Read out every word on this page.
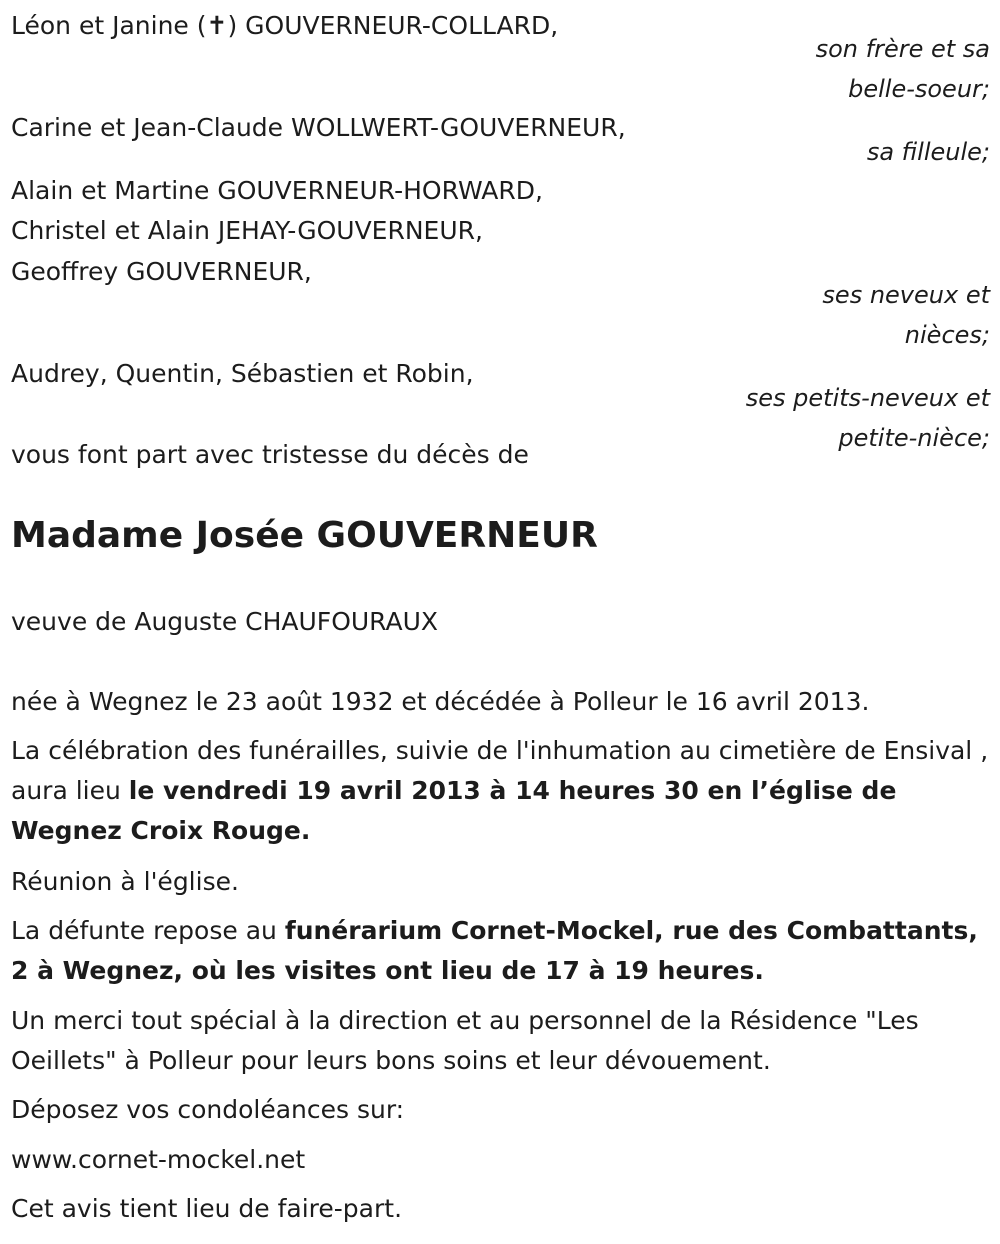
Léon et Janine (✝) GOUVERNEUR-COLLARD,
son frère et sa
belle-soeur;
Carine et Jean-Claude WOLLWERT-GOUVERNEUR,
sa filleule;
Alain et Martine GOUVERNEUR-HORWARD,
Christel et Alain JEHAY-GOUVERNEUR,
Geoffrey GOUVERNEUR,
ses neveux et
nièces;
Audrey, Quentin, Sébastien et Robin,
ses petits-neveux et
petite-nièce;
vous font part avec tristesse du décès de
Madame Josée GOUVERNEUR
veuve de Auguste CHAUFOURAUX
née à Wegnez le 23 août 1932 et décédée à Polleur le 16 avril 2013.
La célébration des funérailles, suivie de l'inhumation au cimetière de Ensival , aura lieu le vendredi 19 avril 2013 à 14 heures 30 en l’église de Wegnez Croix Rouge.
Réunion à l'église.
La défunte repose au funérarium Cornet-Mockel, rue des Combattants, 2 à Wegnez, où les visites ont lieu de 17 à 19 heures.
Un merci tout spécial à la direction et au personnel de la Résidence "Les Oeillets" à Polleur pour leurs bons soins et leur dévouement.
Déposez vos condoléances sur:
www.cornet-mockel.net
Cet avis tient lieu de faire-part.
